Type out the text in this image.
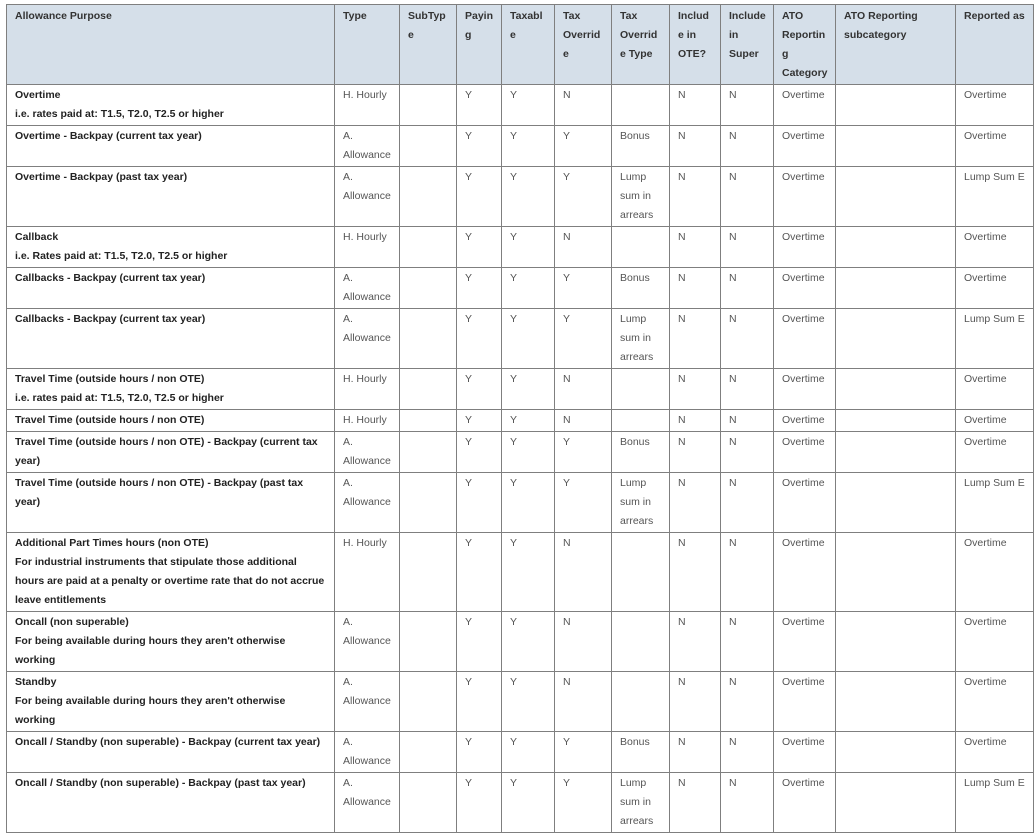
Allowance Purpose	Type	SubType	Paying	Taxable	Tax Override	Tax Override Type	Include in OTE?	Include in Super	ATO Reporting Category	ATO Reporting subcategory	Reported as
Overtime
i.e. rates paid at: T1.5, T2.0, T2.5 or higher	H. Hourly		Y	Y	N		N	N	Overtime		Overtime
Overtime - Backpay (current tax year)	A. Allowance		Y	Y	Y	Bonus	N	N	Overtime		Overtime
Overtime - Backpay (past tax year)	A. Allowance		Y	Y	Y	Lump sum in arrears	N	N	Overtime		Lump Sum E
Callback
i.e. Rates paid at: T1.5, T2.0, T2.5 or higher	H. Hourly		Y	Y	N		N	N	Overtime		Overtime
Callbacks - Backpay (current tax year)	A. Allowance		Y	Y	Y	Bonus	N	N	Overtime		Overtime
Callbacks - Backpay (current tax year)	A. Allowance		Y	Y	Y	Lump sum in arrears	N	N	Overtime		Lump Sum E
Travel Time (outside hours / non OTE)
i.e. rates paid at: T1.5, T2.0, T2.5 or higher	H. Hourly		Y	Y	N		N	N	Overtime		Overtime
Travel Time (outside hours / non OTE)	H. Hourly		Y	Y	N		N	N	Overtime		Overtime
Travel Time (outside hours / non OTE) - Backpay (current tax year)	A. Allowance		Y	Y	Y	Bonus	N	N	Overtime		Overtime
Travel Time (outside hours / non OTE) - Backpay (past tax year)	A. Allowance		Y	Y	Y	Lump sum in arrears	N	N	Overtime		Lump Sum E
Additional Part Times hours (non OTE)
For industrial instruments that stipulate those additional hours are paid at a penalty or overtime rate that do not accrue leave entitlements	H. Hourly		Y	Y	N		N	N	Overtime		Overtime
Oncall (non superable)
For being available during hours they aren't otherwise working	A. Allowance		Y	Y	N		N	N	Overtime		Overtime
Standby
For being available during hours they aren't otherwise working	A. Allowance		Y	Y	N		N	N	Overtime		Overtime
Oncall / Standby (non superable) - Backpay (current tax year)	A. Allowance		Y	Y	Y	Bonus	N	N	Overtime		Overtime
Oncall / Standby (non superable) - Backpay (past tax year)	A. Allowance		Y	Y	Y	Lump sum in arrears	N	N	Overtime		Lump Sum E
